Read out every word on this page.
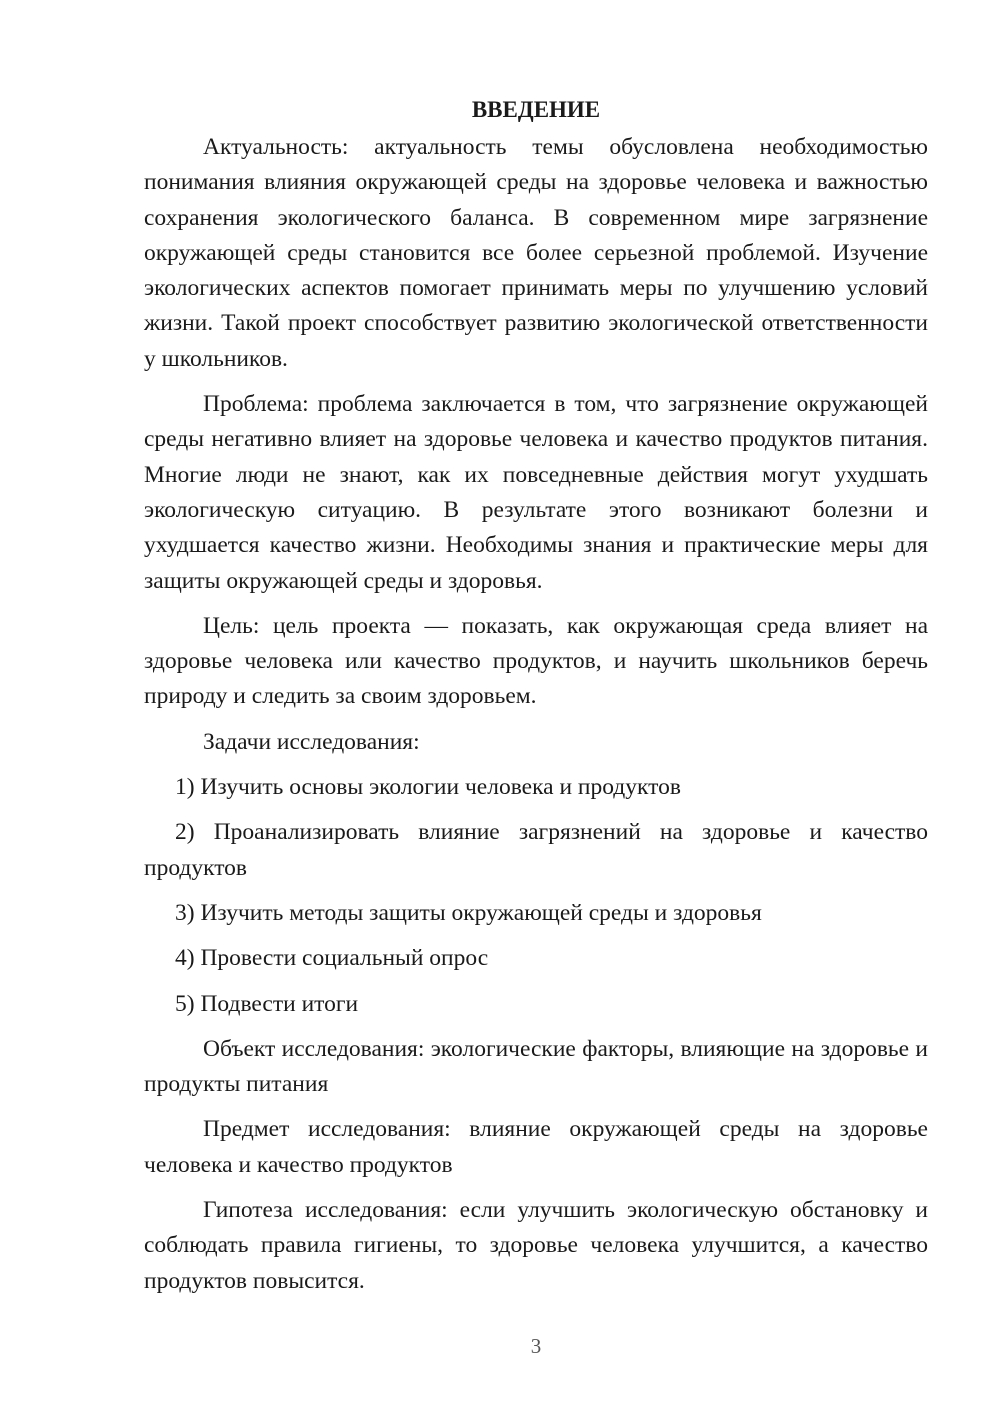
ВВЕДЕНИЕ

Актуальность: актуальность темы обусловлена необходимостью понимания влияния окружающей среды на здоровье человека и важностью сохранения экологического баланса. В современном мире загрязнение окружающей среды становится все более серьезной проблемой. Изучение экологических аспектов помогает принимать меры по улучшению условий жизни. Такой проект способствует развитию экологической ответственности у школьников.

Проблема: проблема заключается в том, что загрязнение окружающей среды негативно влияет на здоровье человека и качество продуктов питания. Многие люди не знают, как их повседневные действия могут ухудшать экологическую ситуацию. В результате этого возникают болезни и ухудшается качество жизни. Необходимы знания и практические меры для защиты окружающей среды и здоровья.

Цель: цель проекта — показать, как окружающая среда влияет на здоровье человека или качество продуктов, и научить школьников беречь природу и следить за своим здоровьем.

Задачи исследования:

1) Изучить основы экологии человека и продуктов

2) Проанализировать влияние загрязнений на здоровье и качество продуктов

3) Изучить методы защиты окружающей среды и здоровья

4) Провести социальный опрос

5) Подвести итоги

Объект исследования: экологические факторы, влияющие на здоровье и продукты питания

Предмет исследования: влияние окружающей среды на здоровье человека и качество продуктов

Гипотеза исследования: если улучшить экологическую обстановку и соблюдать правила гигиены, то здоровье человека улучшится, а качество продуктов повысится.

3
